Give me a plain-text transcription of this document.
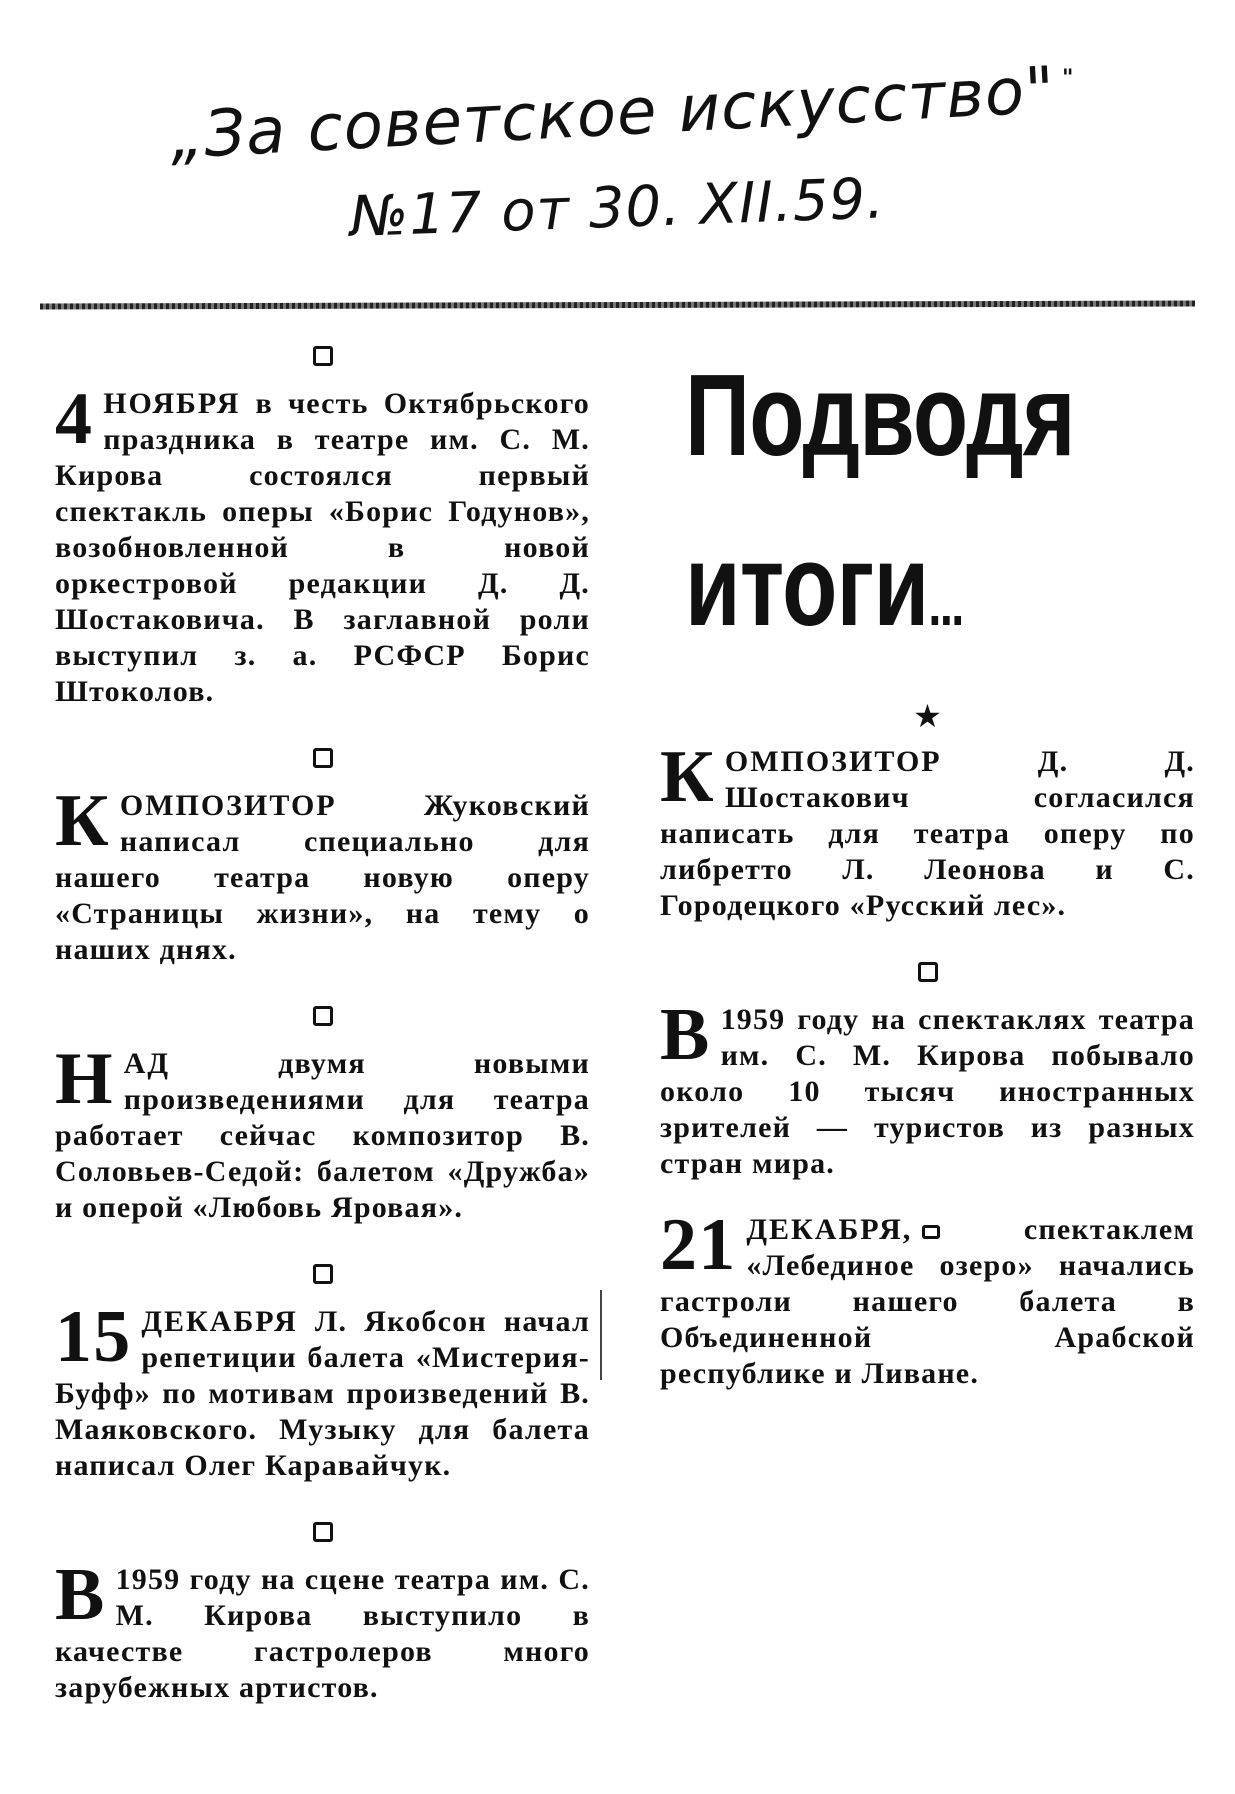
„За советское искусство"
№17 от 30. XII.59.
"

4 НОЯБРЯ в честь Октябрьского праздника в театре им. С. М. Кирова состоялся первый спектакль оперы «Борис Годунов», возобновленной в новой оркестровой редакции Д. Д. Шостаковича. В заглавной роли выступил з. а. РСФСР Борис Штоколов.

КОМПОЗИТОР Жуковский написал специально для нашего театра новую оперу «Страницы жизни», на тему о наших днях.

НАД двумя новыми произведениями для театра работает сейчас композитор В. Соловьев-Седой: балетом «Дружба» и оперой «Любовь Яровая».

15 ДЕКАБРЯ Л. Якобсон начал репетиции балета «Мистерия-Буфф» по мотивам произведений В. Маяковского. Музыку для балета написал Олег Каравайчук.

В 1959 году на сцене театра им. С. М. Кирова выступило в качестве гастролеров много зарубежных артистов.

Подводя
итоги...
★

КОМПОЗИТОР Д. Д. Шостакович согласился написать для театра оперу по либретто Л. Леонова и С. Городецкого «Русский лес».

В 1959 году на спектаклях театра им. С. М. Кирова побывало около 10 тысяч иностранных зрителей — туристов из разных стран мира.

21 ДЕКАБРЯ, спектаклем «Лебединое озеро» начались гастроли нашего балета в Объединенной Арабской республике и Ливане.
